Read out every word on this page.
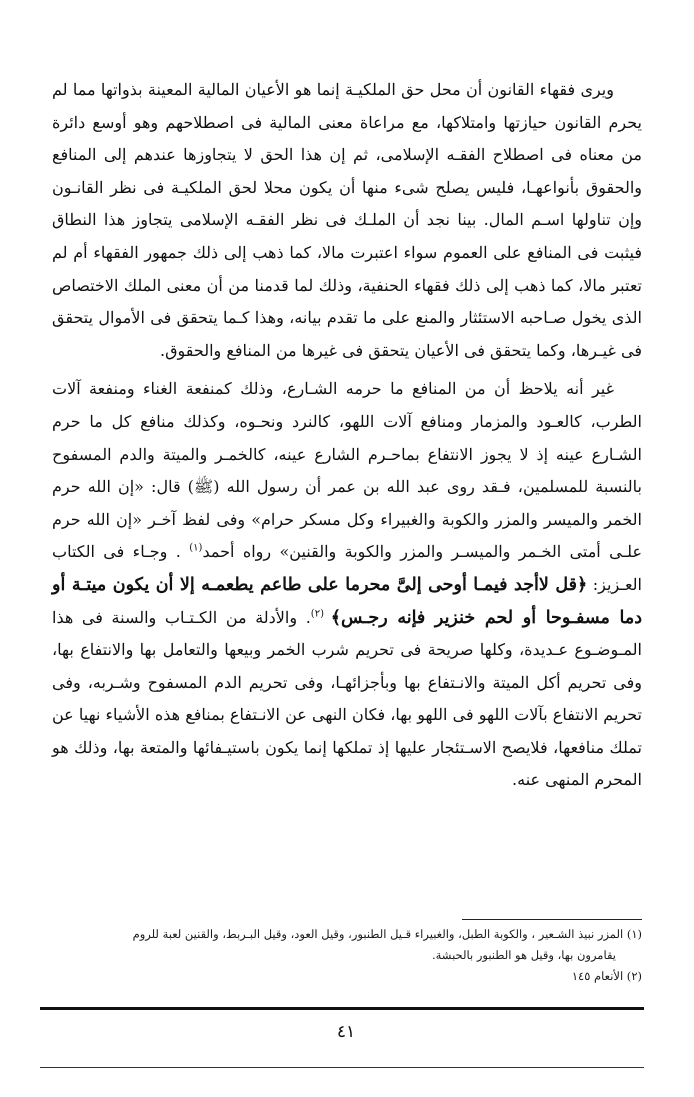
ويرى فقهاء القانون أن محل حق الملكيـة إنما هو الأعيان المالية المعينة بذواتها مما لم يحرم القانون حيازتها وامتلاكها، مع مراعاة معنى المالية فى اصطلاحهم وهو أوسع دائرة من معناه فى اصطلاح الفقـه الإسلامى، ثم إن هذا الحق لا يتجاوزها عندهم إلى المنافع والحقوق بأنواعهـا، فليس يصلح شىء منها أن يكون محلا لحق الملكيـة فى نظر القانـون وإن تناولها اسـم المال. بينا نجد أن الملـك فى نظر الفقـه الإسلامى يتجاوز هذا النطاق فيثبت فى المنافع على العموم سواء اعتبرت مالا، كما ذهب إلى ذلك جمهور الفقهاء أم لم تعتبر مالا، كما ذهب إلى ذلك فقهاء الحنفية، وذلك لما قدمنا من أن معنى الملك الاختصاص الذى يخول صـاحبه الاستئثار والمنع على ما تقدم بيانه، وهذا كـما يتحقق فى الأموال يتحقق فى غيـرها، وكما يتحقق فى الأعيان يتحقق فى غيرها من المنافع والحقوق.

غير أنه يلاحظ أن من المنافع ما حرمه الشـارع، وذلك كمنفعة الغناء ومنفعة آلات الطرب، كالعـود والمزمار ومنافع آلات اللهو، كالنرد ونحـوه، وكذلك منافع كل ما حرم الشـارع عينه إذ لا يجوز الانتفاع بماحـرم الشارع عينه، كالخمـر والميتة والدم المسفوح بالنسبة للمسلمين، فـقد روى عبد الله بن عمر أن رسول الله (ﷺ) قال: «إن الله حرم الخمر والميسر والمزر والكوبة والغبيراء وكل مسكر حرام» وفى لفظ آخـر «إن الله حرم علـى أمتى الخـمر والميسـر والمزر والكوبة والقنين» رواه أحمد$^{(١)}$ . وجـاء فى الكتاب العـزيز: ﴿قل لاأجد فيمـا أوحى إلىَّ محرما على طاعم يطعمـه إلا أن يكون ميتـة أو دما مسفـوحا أو لحم خنزير فإنه رجـس﴾ $^{(٢)}$. والأدلة من الكـتـاب والسنة فى هذا المـوضـوع عـديدة، وكلها صريحة فى تحريم شرب الخمر وبيعها والتعامل بها والانتفاع بها، وفى تحريم أكل الميتة والانـتفاع بها وبأجزائهـا، وفى تحريم الدم المسفوح وشـربه، وفى تحريم الانتفاع بآلات اللهو فى اللهو بها، فكان النهى عن الانـتفاع بمنافع هذه الأشياء نهيا عن تملك منافعها، فلايصح الاسـتئجار عليها إذ تملكها إنما يكون باستيـفائها والمتعة بها، وذلك هو المحرم المنهى عنه.

(١) المزر نبيذ الشـعير ، والكوبة الطبل، والغبيراء قـيل الطنبور، وقيل العود، وقيل البـربط، والقنين لعبة للروم

يقامرون بها، وقيل هو الطنبور بالحبشة.

(٢) الأنعام ١٤٥

٤١
